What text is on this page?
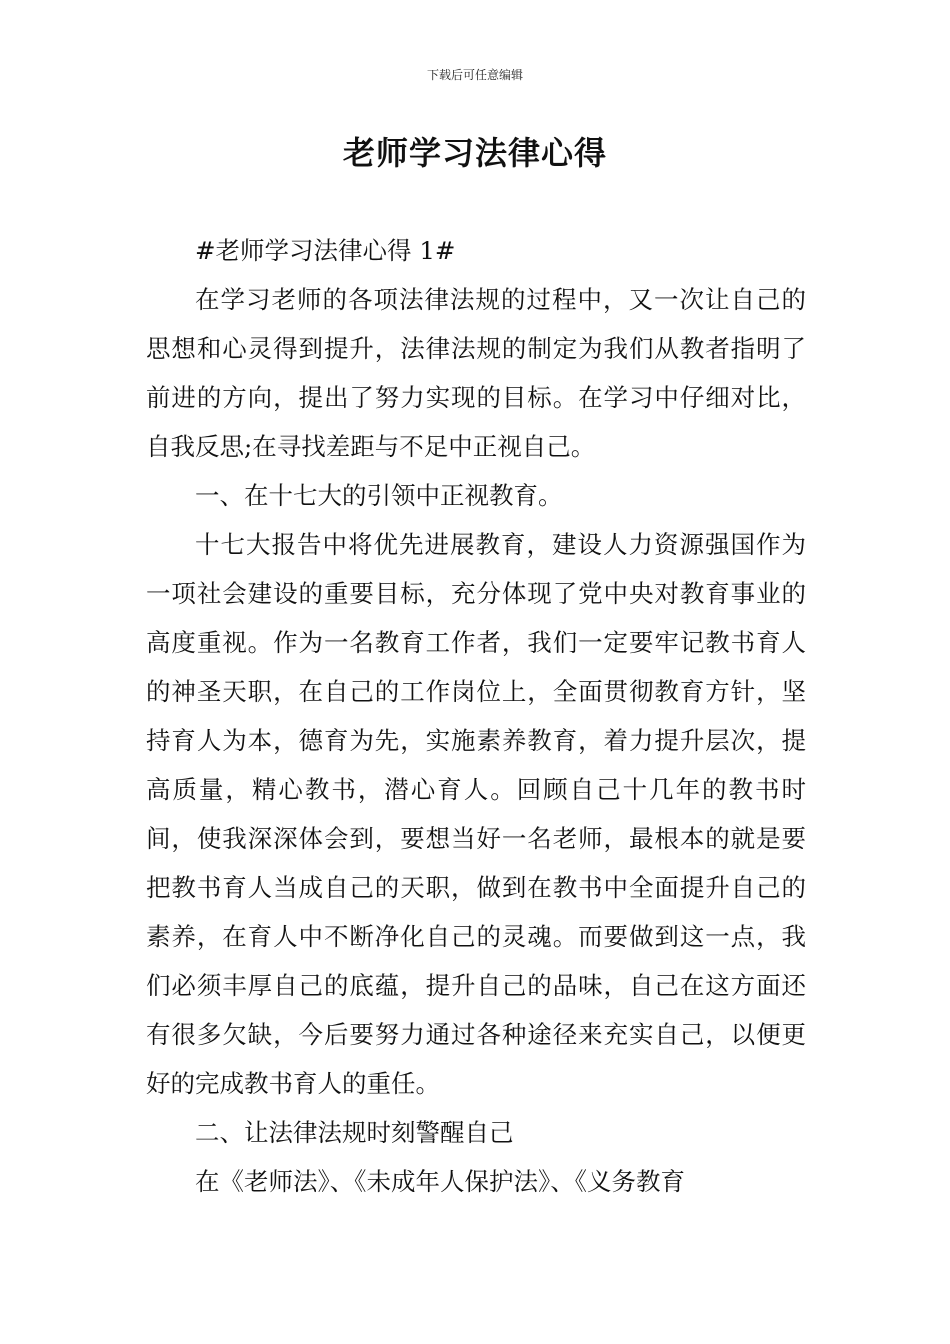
下载后可任意编辑
老师学习法律心得

#老师学习法律心得 1#

在学习老师的各项法律法规的过程中，又一次让自己的思想和心灵得到提升，法律法规的制定为我们从教者指明了前进的方向，提出了努力实现的目标。在学习中仔细对比，自我反思;在寻找差距与不足中正视自己。

一、在十七大的引领中正视教育。

十七大报告中将优先进展教育，建设人力资源强国作为一项社会建设的重要目标，充分体现了党中央对教育事业的高度重视。作为一名教育工作者，我们一定要牢记教书育人的神圣天职，在自己的工作岗位上，全面贯彻教育方针，坚持育人为本，德育为先，实施素养教育，着力提升层次，提高质量，精心教书，潜心育人。回顾自己十几年的教书时间，使我深深体会到，要想当好一名老师，最根本的就是要把教书育人当成自己的天职，做到在教书中全面提升自己的素养，在育人中不断净化自己的灵魂。而要做到这一点，我们必须丰厚自己的底蕴，提升自己的品味，自己在这方面还有很多欠缺，今后要努力通过各种途径来充实自己，以便更好的完成教书育人的重任。

二、让法律法规时刻警醒自己

在《老师法》、《未成年人保护法》、《义务教育
